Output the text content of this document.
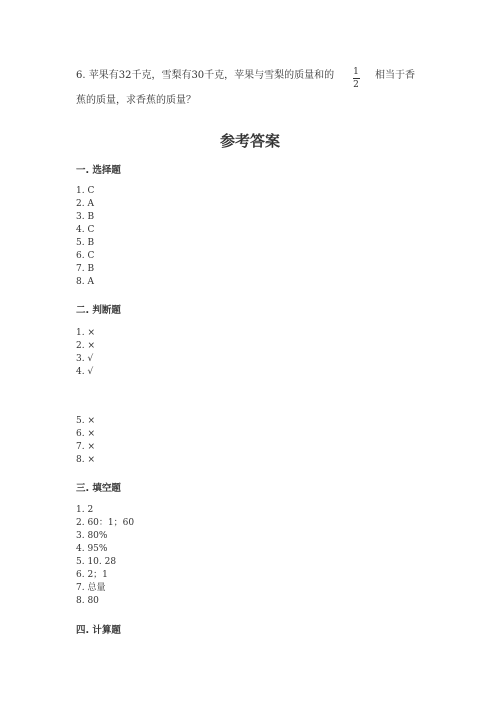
6. 苹果有32千克，雪梨有30千克，苹果与雪梨的质量和的	1
2
相当于香
蕉的质量，求香蕉的质量？
参考答案
一. 选择题
1. C
2. A
3. B
4. C
5. B
6. C
7. B
8. A
二. 判断题
1. ×
2. ×
3. √
4. √
5. ×
6. ×
7. ×
8. ×
三. 填空题
1. 2
2. 60：1；60
3. 80%
4. 95%
5. 10. 28
6. 2；1
7. 总量
8. 80
四. 计算题
